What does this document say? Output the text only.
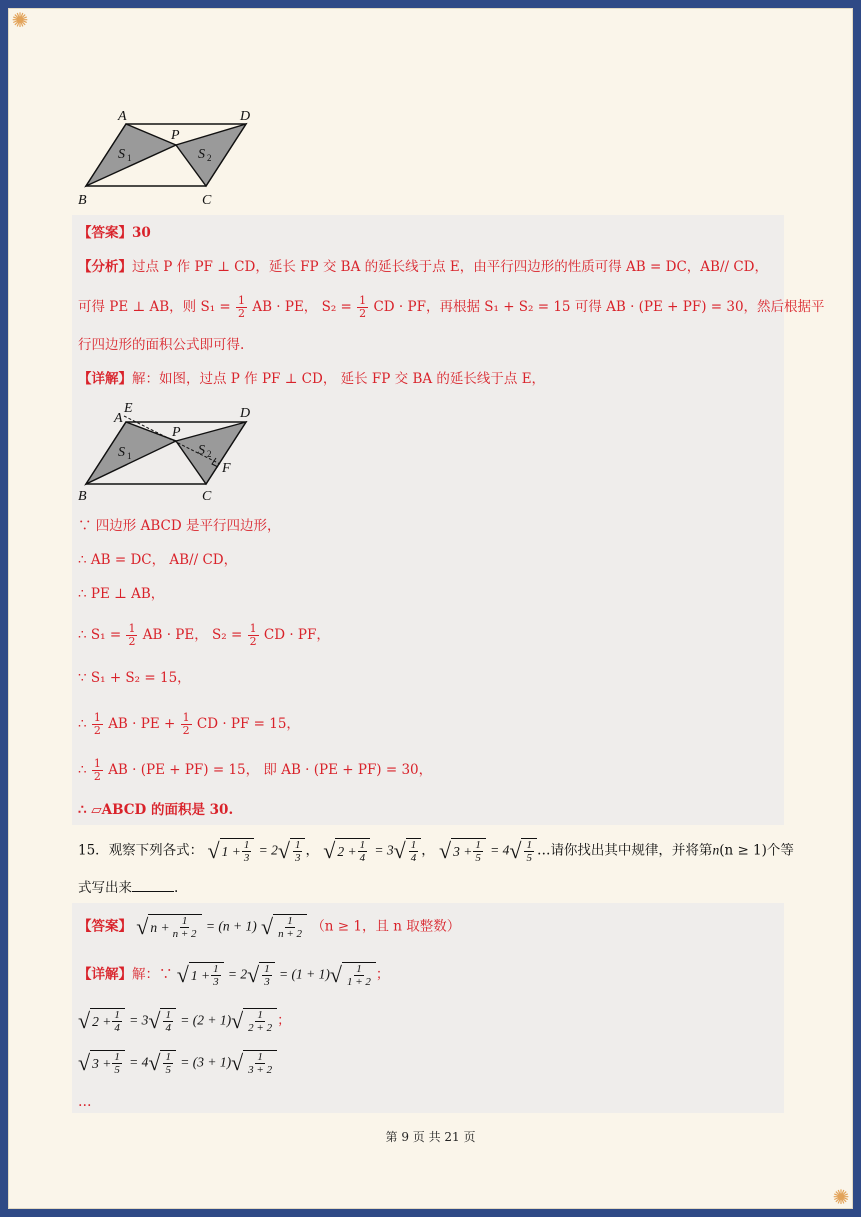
✺
✺
A	D
P
B	C
S 1	S 2
【答案】30
【分析】过点 P 作 PF ⊥ CD，延长 FP 交 BA 的延长线于点 E，由平行四边形的性质可得 AB = DC，AB// CD，
可得 PE ⊥ AB，则 $S_1 = \frac{1}{2}$ AB · PE， $S_2 = \frac{1}{2}$ CD · PF，再根据 S₁ + S₂ = 15 可得 AB · (PE + PF) = 30，然后根据平
行四边形的面积公式即可得.
【详解】解：如图，过点 P 作 PF ⊥ CD， 延长 FP 交 BA 的延长线于点 E，
A
E	D
P
B	C
F
S 1	S 2
∵ 四边形 ABCD 是平行四边形，
∴ AB = DC， AB// CD，
∴ PE ⊥ AB，
∴ $S_1 = \frac{1}{2}$ AB · PE， $S_2 = \frac{1}{2}$ CD · PF，
∵ S₁ + S₂ = 15，
∴ $\frac{1}{2}$ AB · PE + $\frac{1}{2}$ CD · PF = 15，
∴ $\frac{1}{2}$ AB · (PE + PF) = 15， 即 AB · (PE + PF) = 30，
∴ ▱ABCD 的面积是 30.
15．观察下列各式： √ $1 + \frac{1}{3} = 2$ √ $\frac{1}{3}$ ， √ $2 + \frac{1}{4} = 3$ √ $\frac{1}{4}$ ， √ $3 + \frac{1}{5} = 4$ √ $\frac{1}{5}$ …请你找出其中规律，并将第n(n ≥ 1)个等
式写出来	.
【答案】 √ $n + \frac{1}{n + 2} = (n + 1)$ √ $\frac{1}{n + 2} (n \ge 1$，且 n 取整数）
【详解】解：∵ √ $1 + \frac{1}{3} = 2$ √ $\frac{1}{3} = (1 + 1)$ √ $\frac{1}{1 + 2}$ ；
√ $2 + \frac{1}{4} = 3$ √ $\frac{1}{4} = (2 + 1)$ √ $\frac{1}{2 + 2}$ ；
√ $3 + \frac{1}{5} = 4$ √ $\frac{1}{5} = (3 + 1)$ √ $\frac{1}{3 + 2}$
…
第 9 页 共 21 页
